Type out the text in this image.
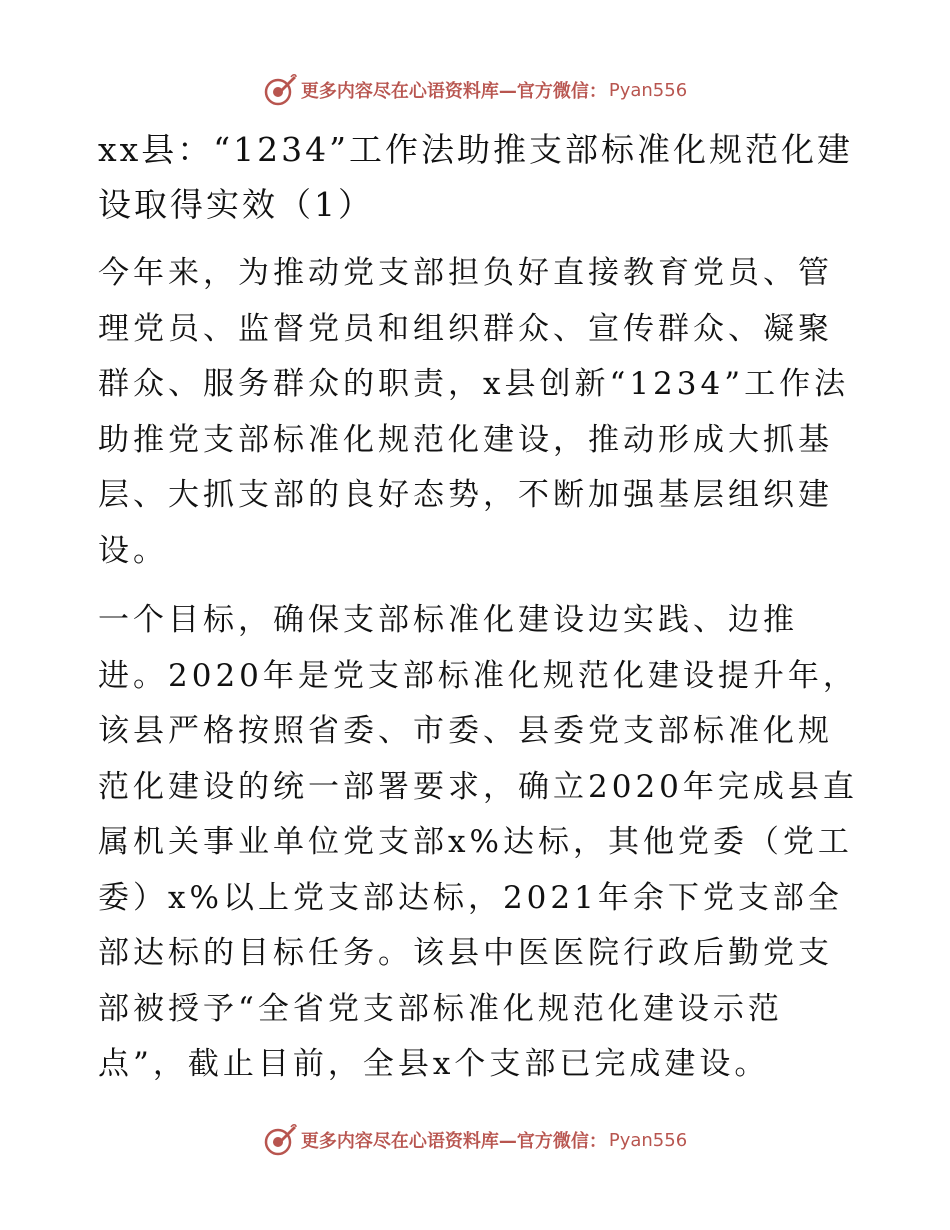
更多内容尽在心语资料库—官方微信： Pyan556
xx县：“1234”工作法助推支部标准化规范化建设取得实效（1）

今年来，为推动党支部担负好直接教育党员、管理党员、监督党员和组织群众、宣传群众、凝聚群众、服务群众的职责，x县创新“1234”工作法助推党支部标准化规范化建设，推动形成大抓基层、大抓支部的良好态势，不断加强基层组织建设。

一个目标，确保支部标准化建设边实践、边推进。2020年是党支部标准化规范化建设提升年，该县严格按照省委、市委、县委党支部标准化规范化建设的统一部署要求，确立2020年完成县直属机关事业单位党支部x%达标，其他党委（党工委）x%以上党支部达标，2021年余下党支部全部达标的目标任务。该县中医医院行政后勤党支部被授予“全省党支部标准化规范化建设示范点”，截止目前，全县x个支部已完成建设。

更多内容尽在心语资料库—官方微信： Pyan556
